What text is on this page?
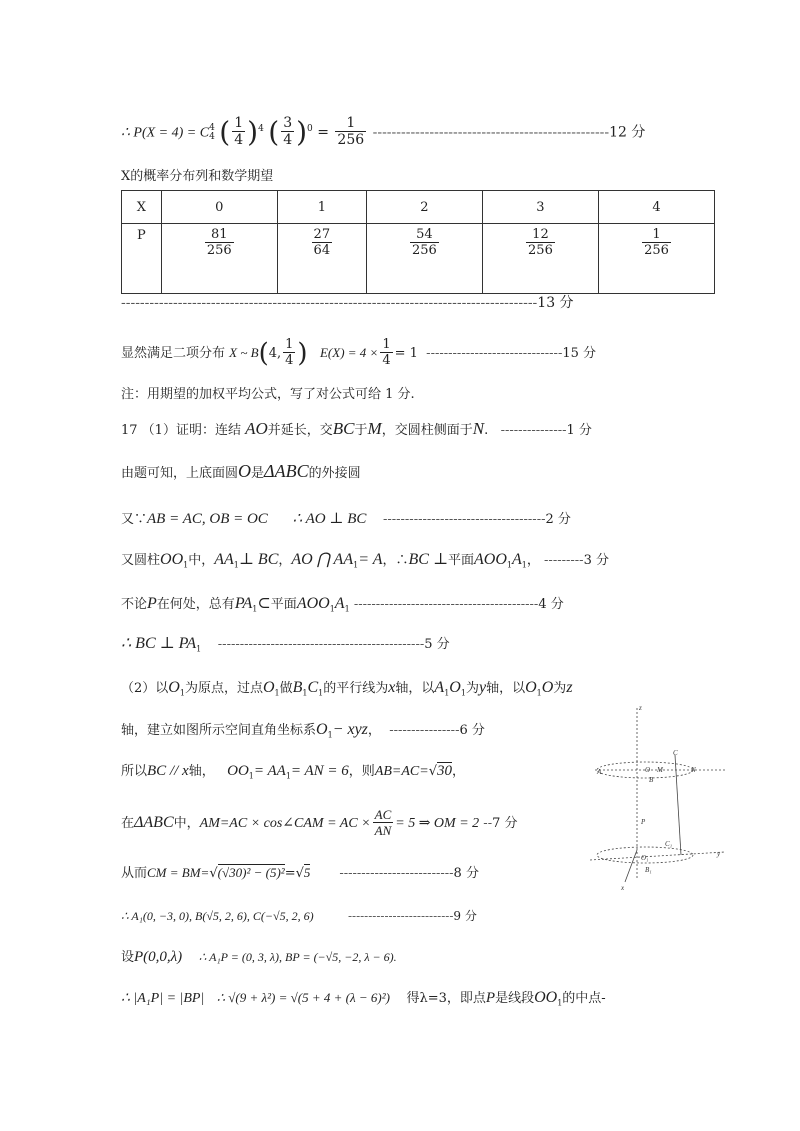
∴ P(X = 4) = C 4
4 ( $\frac{1}{4} )^4$ ( $\frac{3}{4} )^0 = \frac{1}{256} --------------------------------------------------12$ 分
X的概率分布列和数学期望
X	0	1	2	3	4
P	$\frac{81}{256}$	$\frac{27}{64}$	$\frac{54}{256}$	$\frac{12}{256}$	$\frac{1}{256}$
----------------------------------------------------------------------------------------13 分
显然满足二项分布 X ~ B(4, $\frac{1}{4}$ ) $E(X) = 4 \times \frac{1}{4} = 1$ -------------------------------15 分
注：用期望的加权平均公式，写了对公式可给 1 分.
17 （1）证明：连结 AO并延长，交BC于M，交圆柱侧面于N. ---------------1 分
由题可知，上底面圆O是ΔABC的外接圆
又∵AB = AC, OB = OC ∴ AO ⊥ BC -------------------------------------2 分
又圆柱$OO_1$中，$AA_1\perp$ BC，AO ⋂ $AA_1= A$，∴BC ⊥平面$AOO_1A_1$， ---------3 分
不论P在何处，总有$PA_1\subset$平面$AOO_1A_1$ ------------------------------------------4 分
∴ BC ⊥ $PA_1$ -----------------------------------------------5 分
（2）以$O_1$为原点，过点$O_1$做$B_1C_1$的平行线为x轴，以$A_1O_1$为y轴，以$O_1O$为z
轴，建立如图所示空间直角坐标系$O_1-$ xyz， ----------------6 分
所以BC // x轴， $OO_1= AA_1=$ AN = 6，则AB=AC=√30，
在ΔABC中，AM=AC × cos∠CAM = AC × $\frac{AC}{AN} = 5$ ⇒ OM = 2 --7 分
从而CM = BM=√(√30)² − (5)²=√5 --------------------------8 分
∴ A₁(0, −3, 0), B(√5, 2, 6), C(−√5, 2, 6)	--------------------------9 分
设P(0,0,λ) ∴ A₁P = (0, 3, λ), BP = (−√5, −2, λ − 6).
∴ |A₁P| = |BP| ∴ √(9 + λ²) = √(5 + 4 + (λ − 6)²) 得λ=3，即点P是线段$OO_1$的中点-
z
C
O M	N
B
A
P
O₁
C₁
B₁
x
y
